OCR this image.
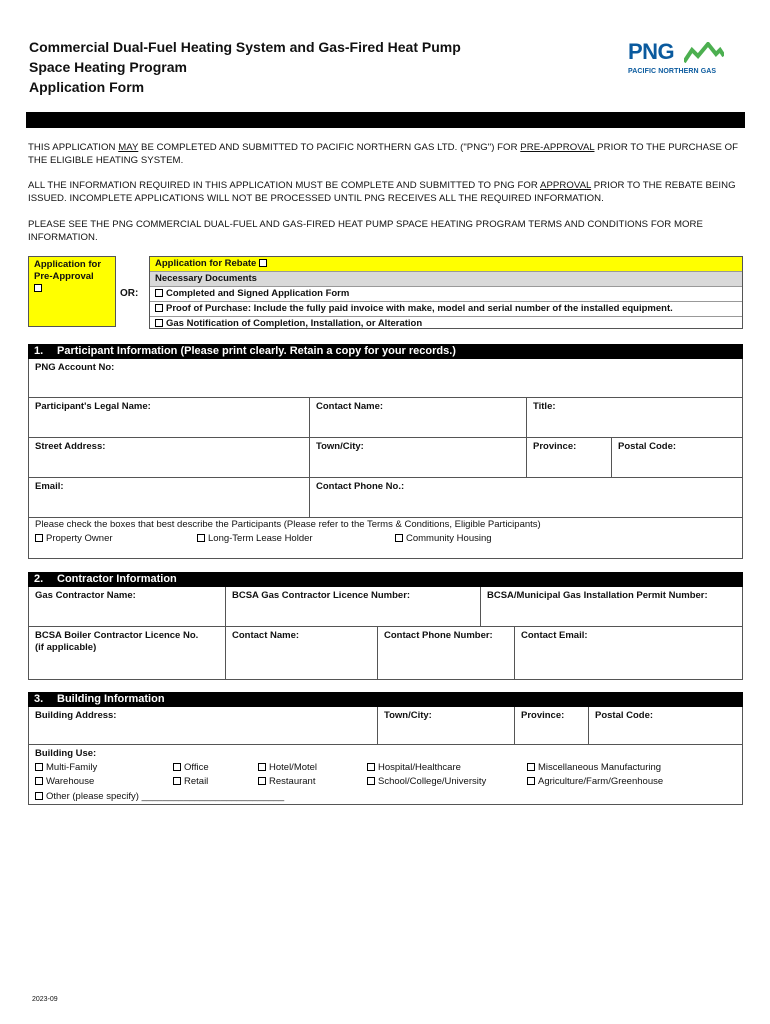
Commercial Dual-Fuel Heating System and Gas-Fired Heat Pump
Space Heating Program
Application Form
PNG
PACIFIC NORTHERN GAS
THIS APPLICATION MAY BE COMPLETED AND SUBMITTED TO PACIFIC NORTHERN GAS LTD. ("PNG") FOR PRE-APPROVAL PRIOR TO THE PURCHASE OF THE ELIGIBLE HEATING SYSTEM.
ALL THE INFORMATION REQUIRED IN THIS APPLICATION MUST BE COMPLETE AND SUBMITTED TO PNG FOR APPROVAL PRIOR TO THE REBATE BEING ISSUED. INCOMPLETE APPLICATIONS WILL NOT BE PROCESSED UNTIL PNG RECEIVES ALL THE REQUIRED INFORMATION.
PLEASE SEE THE PNG COMMERCIAL DUAL-FUEL AND GAS-FIRED HEAT PUMP SPACE HEATING PROGRAM TERMS AND CONDITIONS FOR MORE INFORMATION.
Application for
Pre-Approval
OR:
Application for Rebate
Necessary Documents
Completed and Signed Application Form
Proof of Purchase: Include the fully paid invoice with make, model and serial number of the installed equipment.
Gas Notification of Completion, Installation, or Alteration
1. Participant Information (Please print clearly. Retain a copy for your records.)
PNG Account No:
Participant's Legal Name:	Contact Name:	Title:
Street Address:	Town/City:	Province:	Postal Code:
Email:	Contact Phone No.:
Please check the boxes that best describe the Participants (Please refer to the Terms & Conditions, Eligible Participants)
Property Owner	Long-Term Lease Holder	Community Housing
2. Contractor Information
Gas Contractor Name:	BCSA Gas Contractor Licence Number:	BCSA/Municipal Gas Installation Permit Number:
BCSA Boiler Contractor Licence No.
(if applicable)
Contact Name:	Contact Phone Number:	Contact Email:
3. Building Information
Building Address:	Town/City:	Province:	Postal Code:
Building Use:
Multi-Family	Office	Hotel/Motel	Hospital/Healthcare	Miscellaneous Manufacturing
Warehouse	Retail	Restaurant	School/College/University	Agriculture/Farm/Greenhouse
Other (please specify) ___________________________
2023-09
